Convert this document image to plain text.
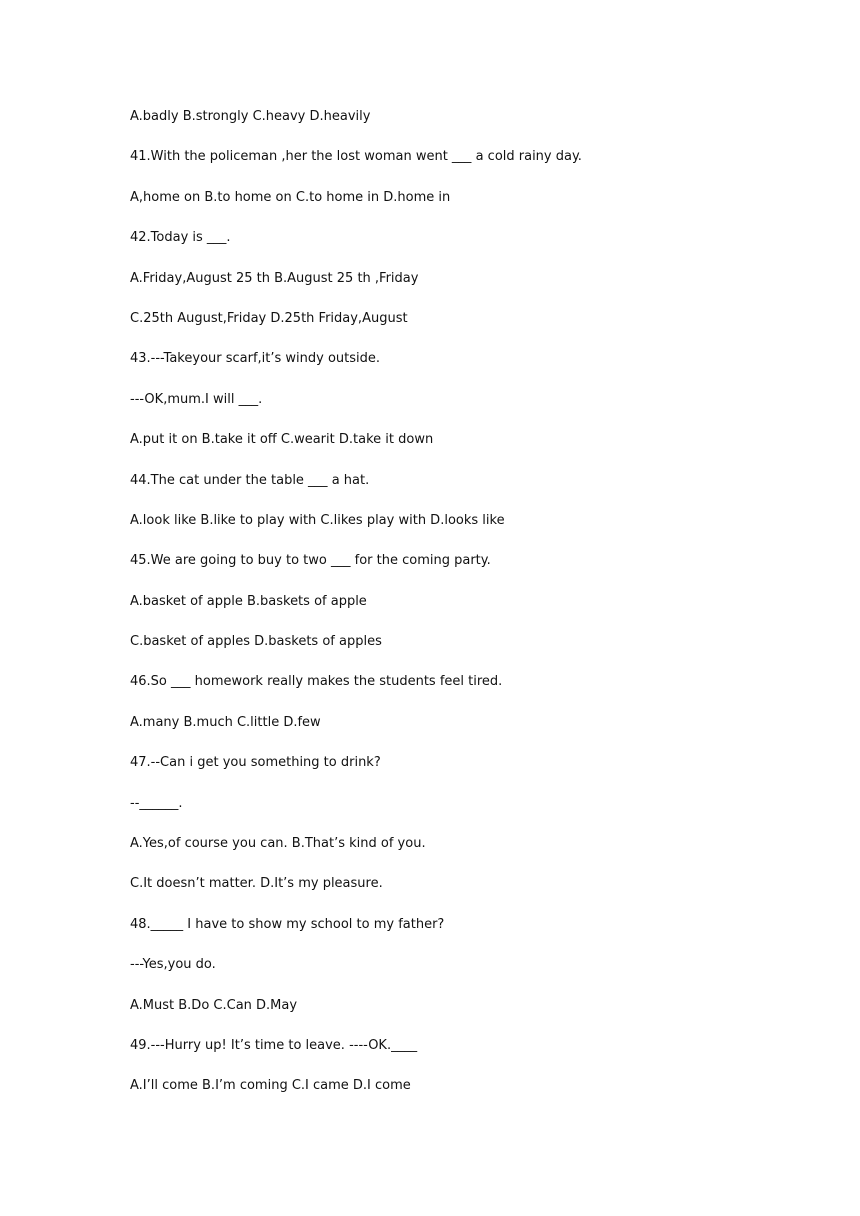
A.badly B.strongly C.heavy D.heavily
41.With the policeman ,her the lost woman went ___ a cold rainy day.
A,home on B.to home on C.to home in D.home in
42.Today is ___.
A.Friday,August 25 th B.August 25 th ,Friday
C.25th August,Friday D.25th Friday,August
43.---Takeyour scarf,it’s windy outside.
---OK,mum.I will ___.
A.put it on B.take it off C.wearit D.take it down
44.The cat under the table ___ a hat.
A.look like B.like to play with C.likes play with D.looks like
45.We are going to buy to two ___ for the coming party.
A.basket of apple B.baskets of apple
C.basket of apples D.baskets of apples
46.So ___ homework really makes the students feel tired.
A.many B.much C.little D.few
47.--Can i get you something to drink?
--______.
A.Yes,of course you can. B.That’s kind of you.
C.It doesn’t matter. D.It’s my pleasure.
48._____ I have to show my school to my father?
---Yes,you do.
A.Must B.Do C.Can D.May
49.---Hurry up! It’s time to leave. ----OK.____
A.I’ll come B.I’m coming C.I came D.I come
